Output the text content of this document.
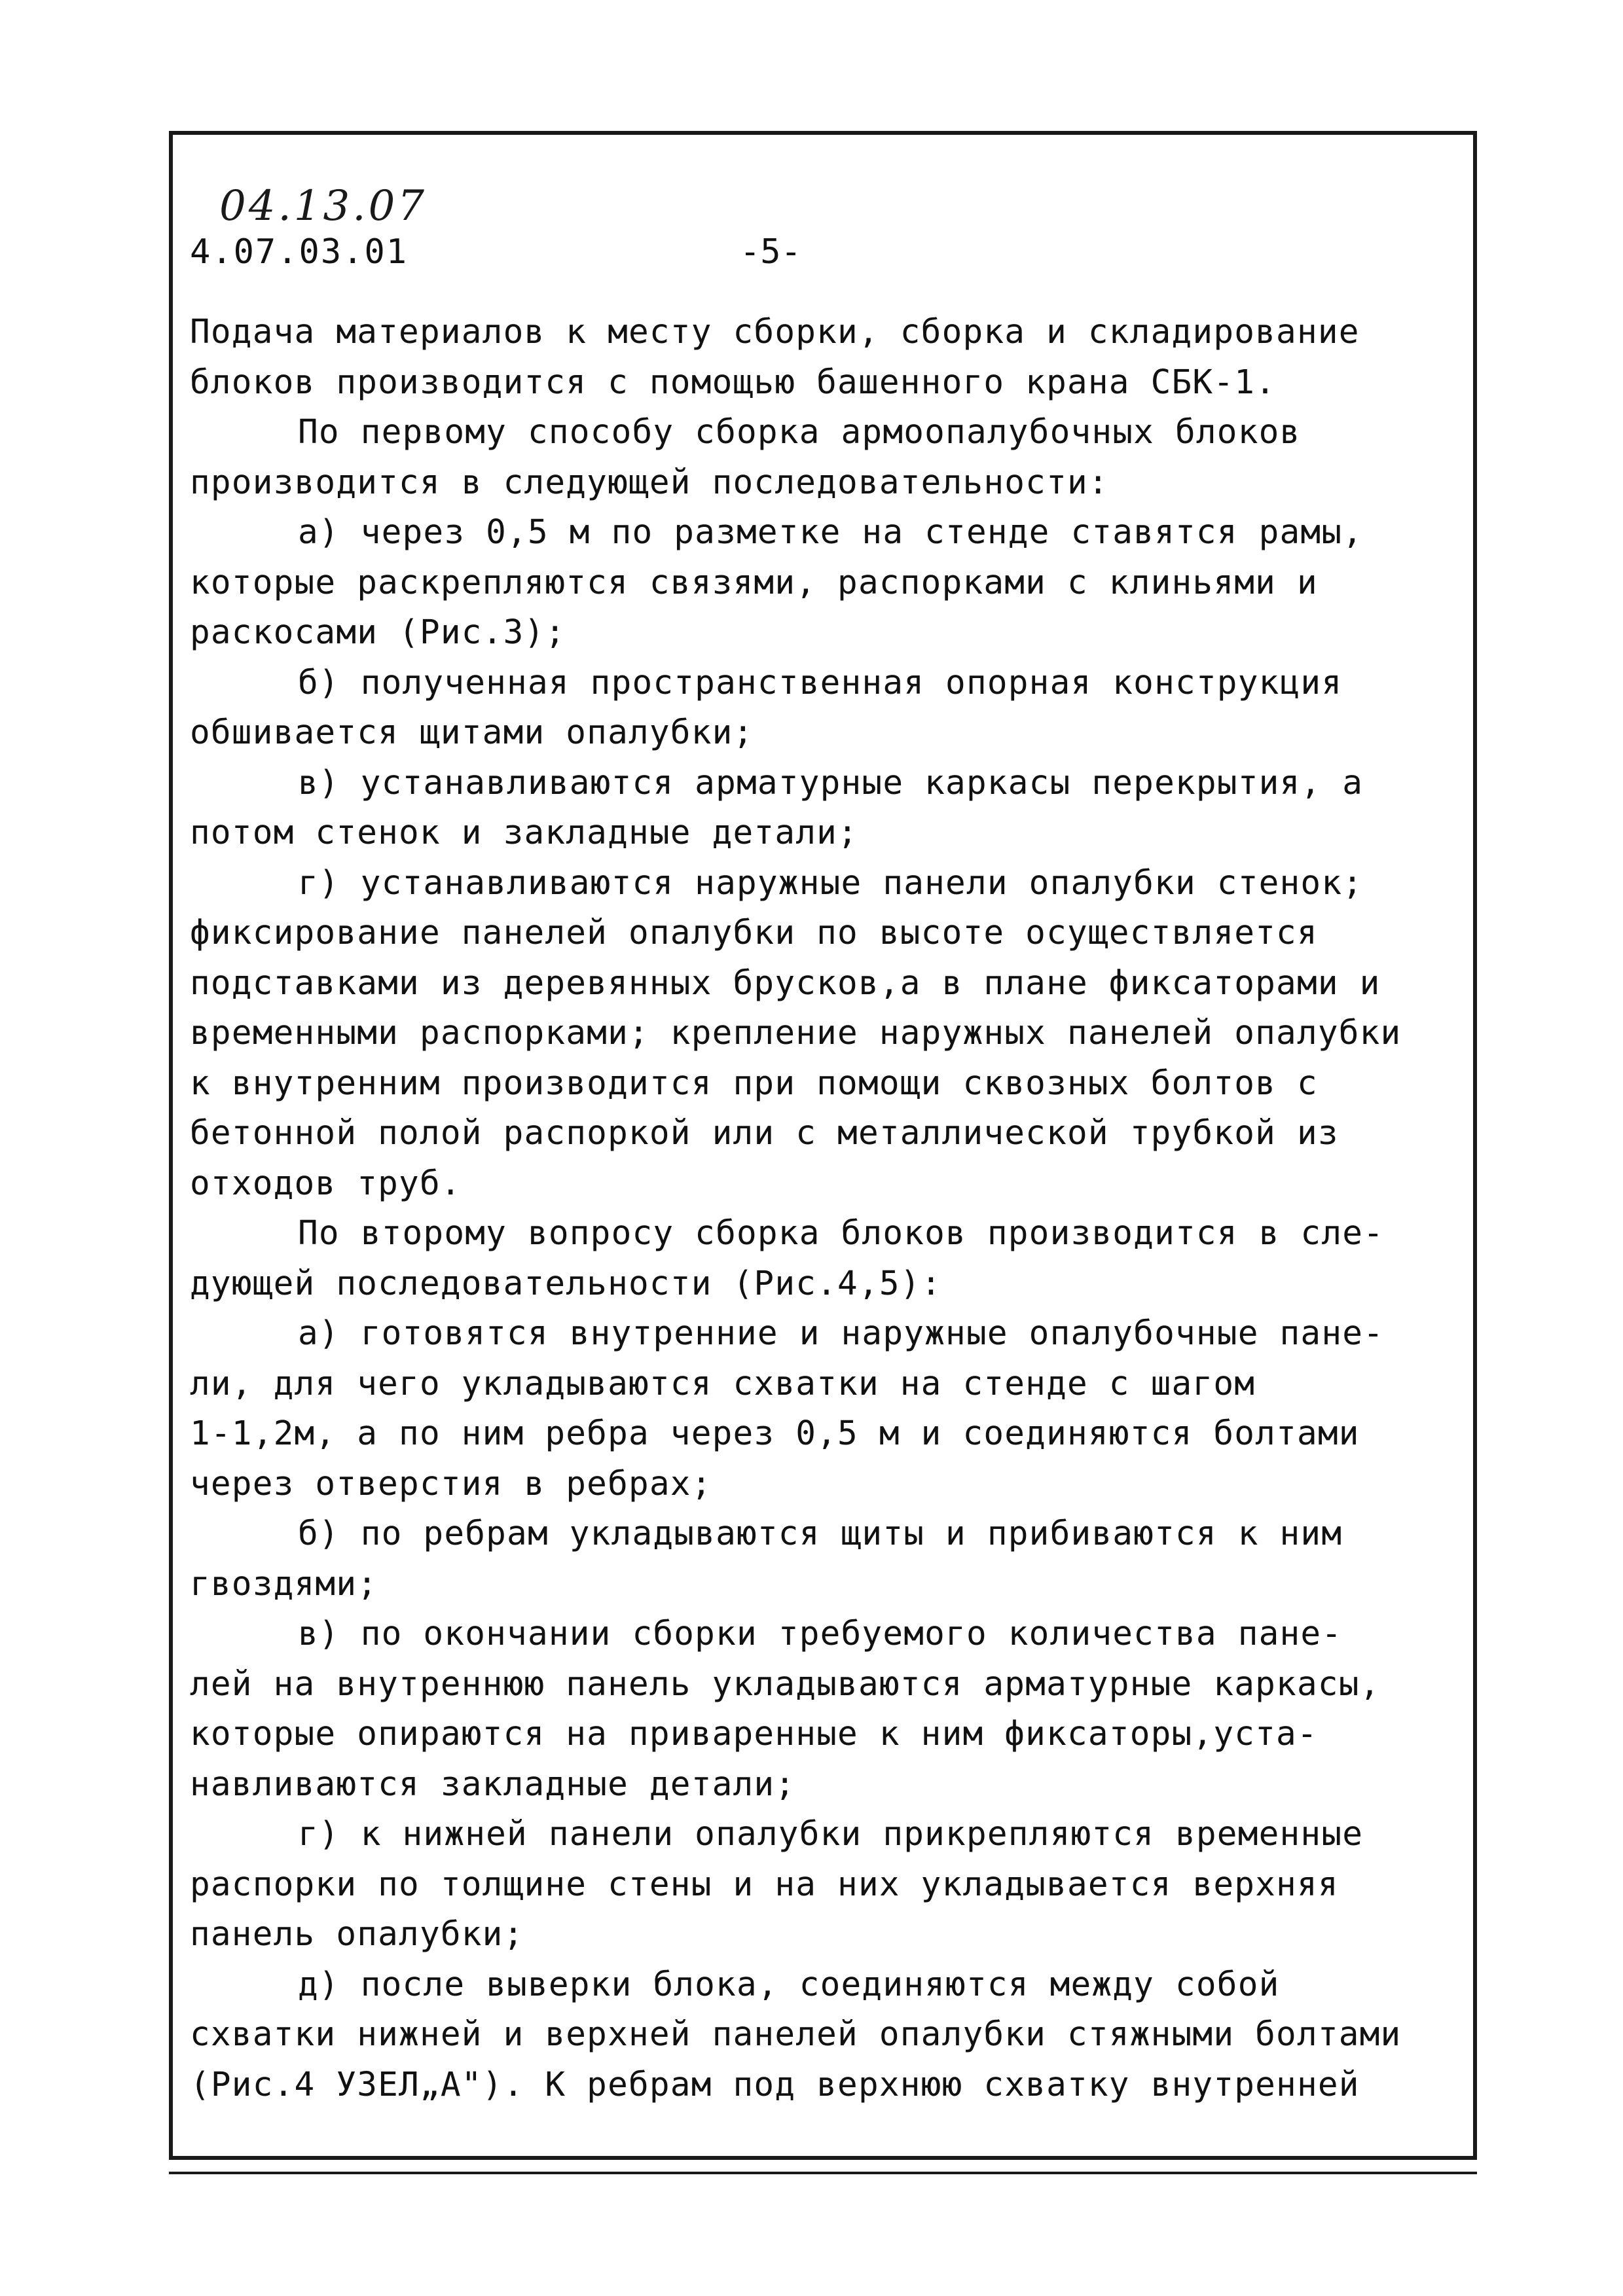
04.13.07
4.07.03.01	-5-
Подача материалов к месту сборки, сборка и складирование
блоков производится с помощью башенного крана СБК-1.
По первому способу сборка армоопалубочных блоков
производится в следующей последовательности:
а) через 0,5 м по разметке на стенде ставятся рамы,
которые раскрепляются связями, распорками с клиньями и
раскосами (Рис.3);
б) полученная пространственная опорная конструкция
обшивается щитами опалубки;
в) устанавливаются арматурные каркасы перекрытия, а
потом стенок и закладные детали;
г) устанавливаются наружные панели опалубки стенок;
фиксирование панелей опалубки по высоте осуществляется
подставками из деревянных брусков,а в плане фиксаторами и
временными распорками; крепление наружных панелей опалубки
к внутренним производится при помощи сквозных болтов с
бетонной полой распоркой или с металлической трубкой из
отходов труб.
По второму вопросу сборка блоков производится в сле-
дующей последовательности (Рис.4,5):
а) готовятся внутренние и наружные опалубочные пане-
ли, для чего укладываются схватки на стенде с шагом
1-1,2м, а по ним ребра через 0,5 м и соединяются болтами
через отверстия в ребрах;
б) по ребрам укладываются щиты и прибиваются к ним
гвоздями;
в) по окончании сборки требуемого количества пане-
лей на внутреннюю панель укладываются арматурные каркасы,
которые опираются на приваренные к ним фиксаторы,уста-
навливаются закладные детали;
г) к нижней панели опалубки прикрепляются временные
распорки по толщине стены и на них укладывается верхняя
панель опалубки;
д) после выверки блока, соединяются между собой
схватки нижней и верхней панелей опалубки стяжными болтами
(Рис.4 УЗЕЛ„А"). К ребрам под верхнюю схватку внутренней
